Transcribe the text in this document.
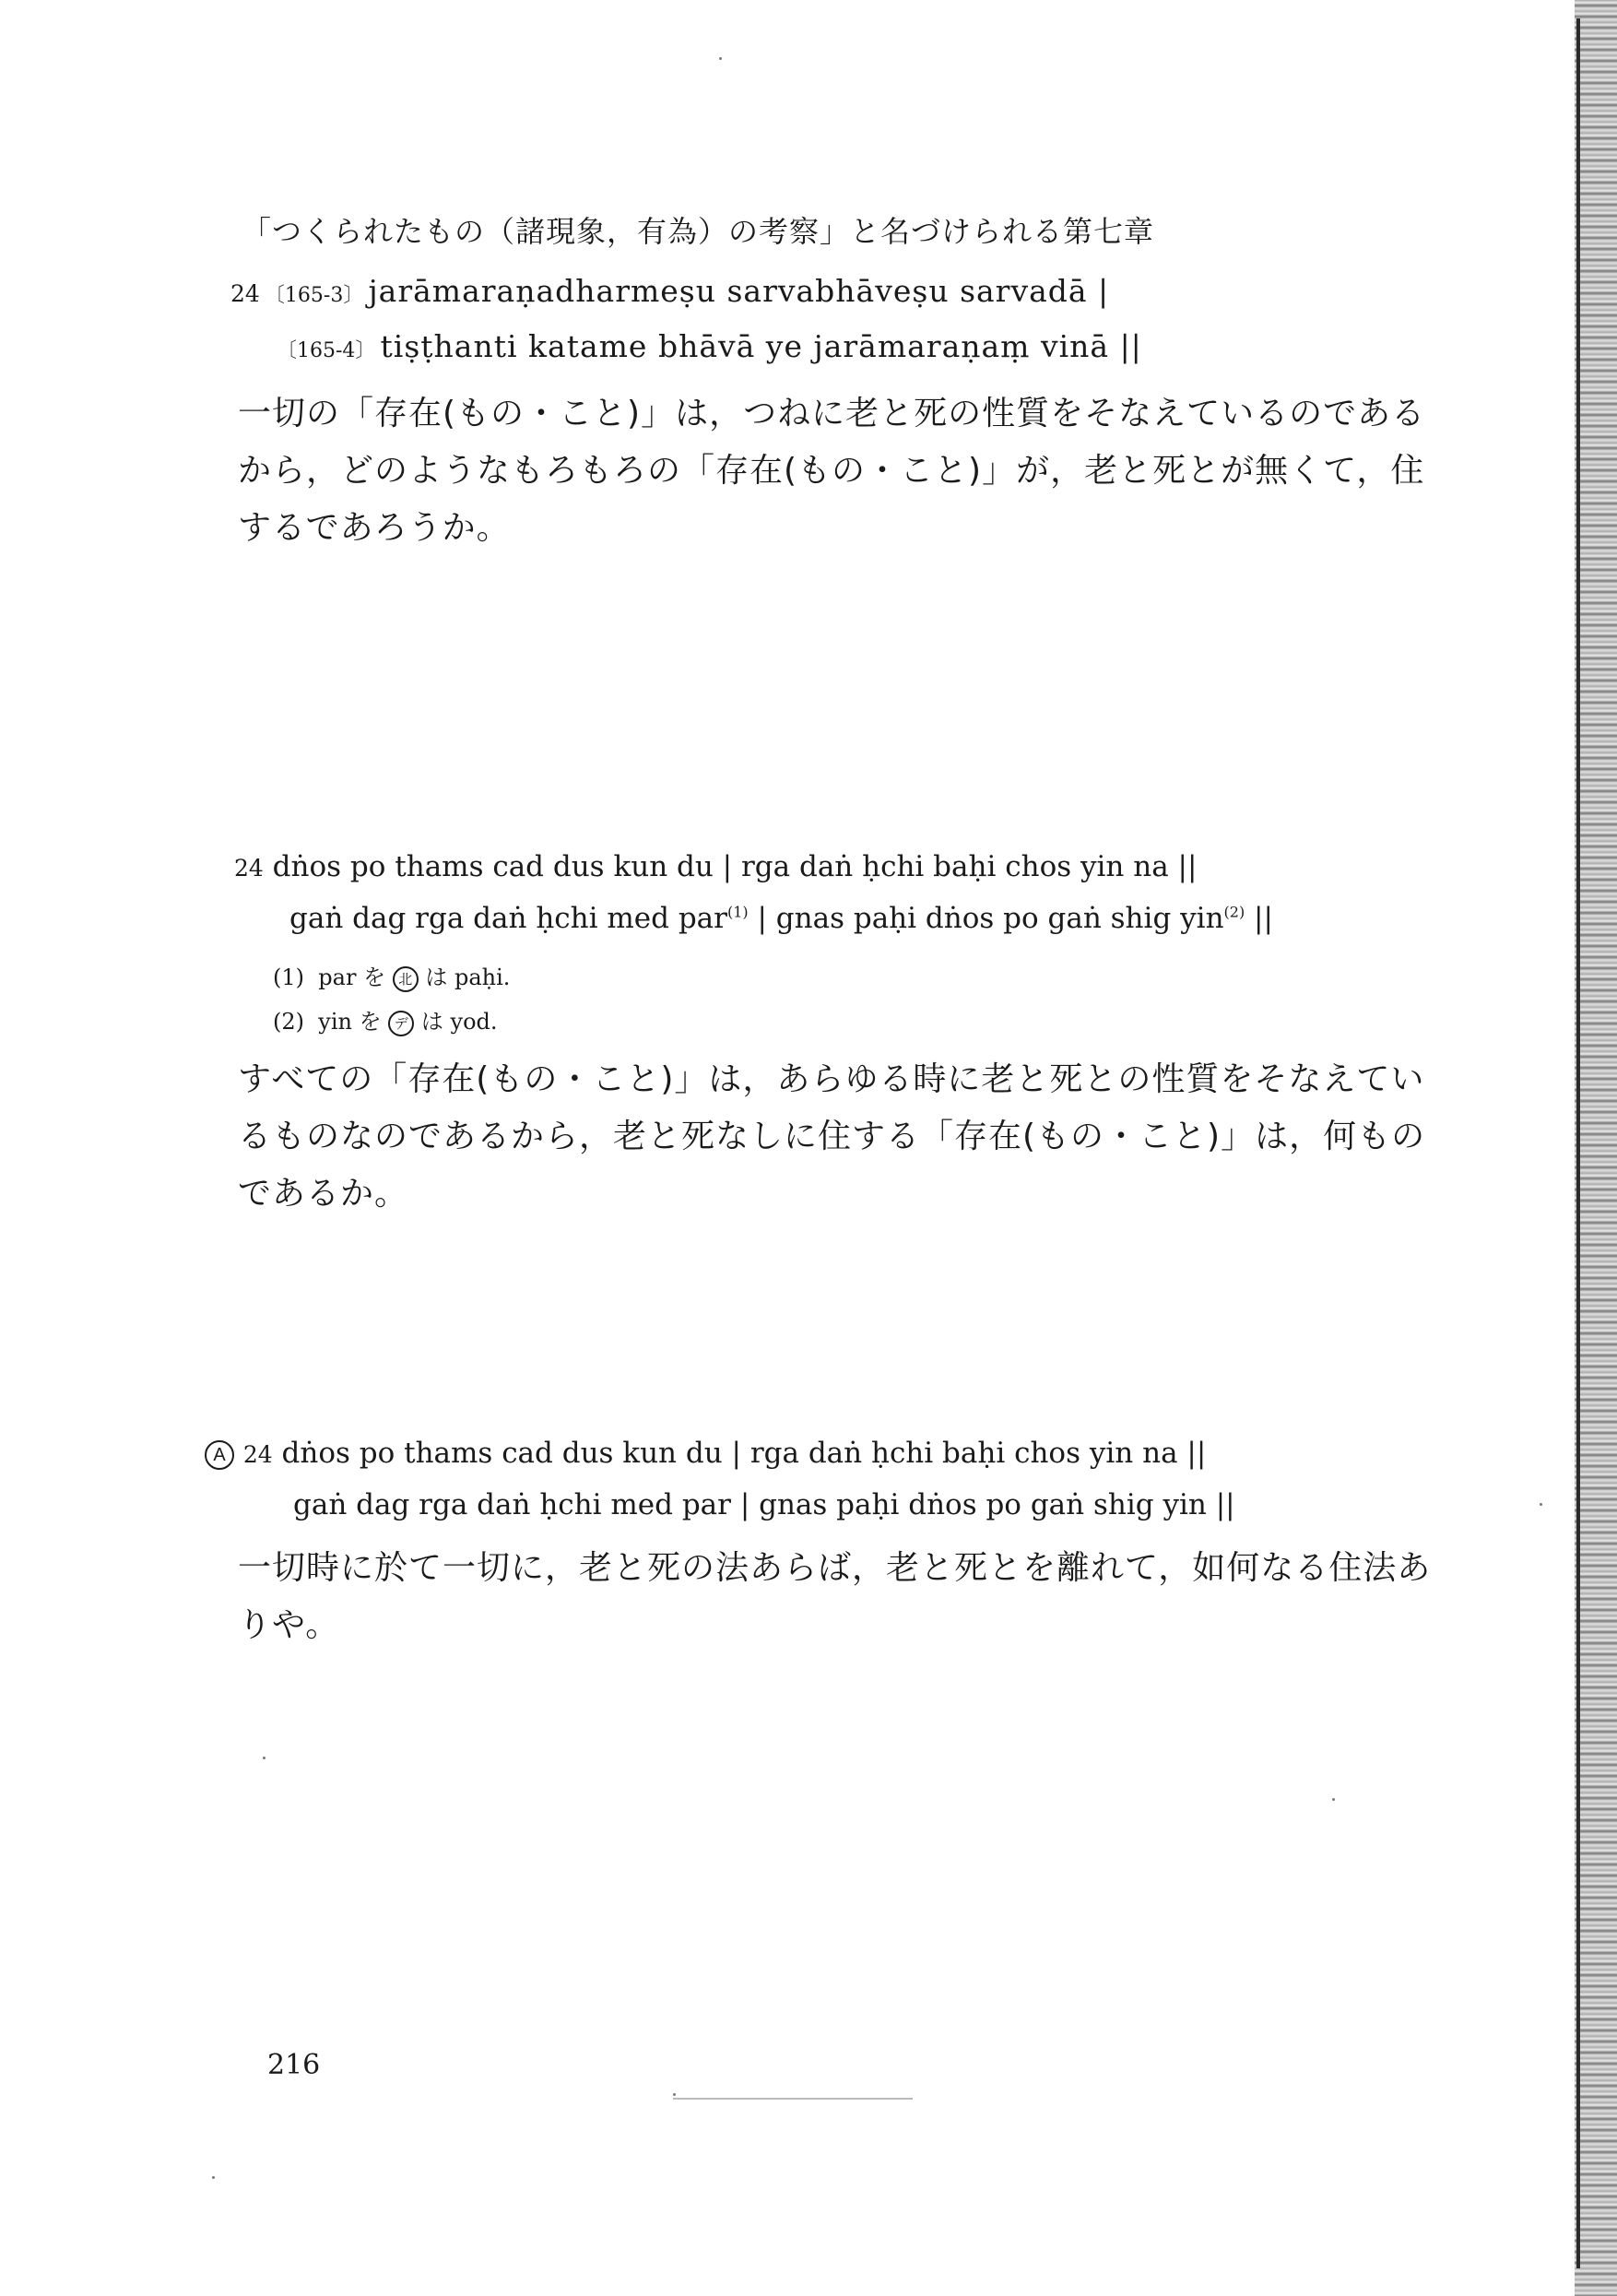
「つくられたもの（諸現象，有為）の考察」と名づけられる第七章
24 〔165-3〕 jarāmaraṇadharmeṣu sarvabhāveṣu sarvadā |
〔165-4〕 tiṣṭhanti katame bhāvā ye jarāmaraṇaṃ vinā ||
一切の「存在(もの・こと)」は，つねに老と死の性質をそなえているのであるから，どのようなもろもろの「存在(もの・こと)」が，老と死とが無くて，住するであろうか。
24 dṅos po thams cad dus kun du | rga daṅ ḥchi baḥi chos yin na ||
gaṅ dag rga daṅ ḥchi med par$^{(1)}$ | gnas paḥi dṅos po gaṅ shig yin$^{(2)}$ ||
(1) par を 北 は paḥi.
(2) yin を デ は yod.
すべての「存在(もの・こと)」は，あらゆる時に老と死との性質をそなえているものなのであるから，老と死なしに住する「存在(もの・こと)」は，何ものであるか。
A 24 dṅos po thams cad dus kun du | rga daṅ ḥchi baḥi chos yin na ||
gaṅ dag rga daṅ ḥchi med par | gnas paḥi dṅos po gaṅ shig yin ||
一切時に於て一切に，老と死の法あらば，老と死とを離れて，如何なる住法ありや。
216
